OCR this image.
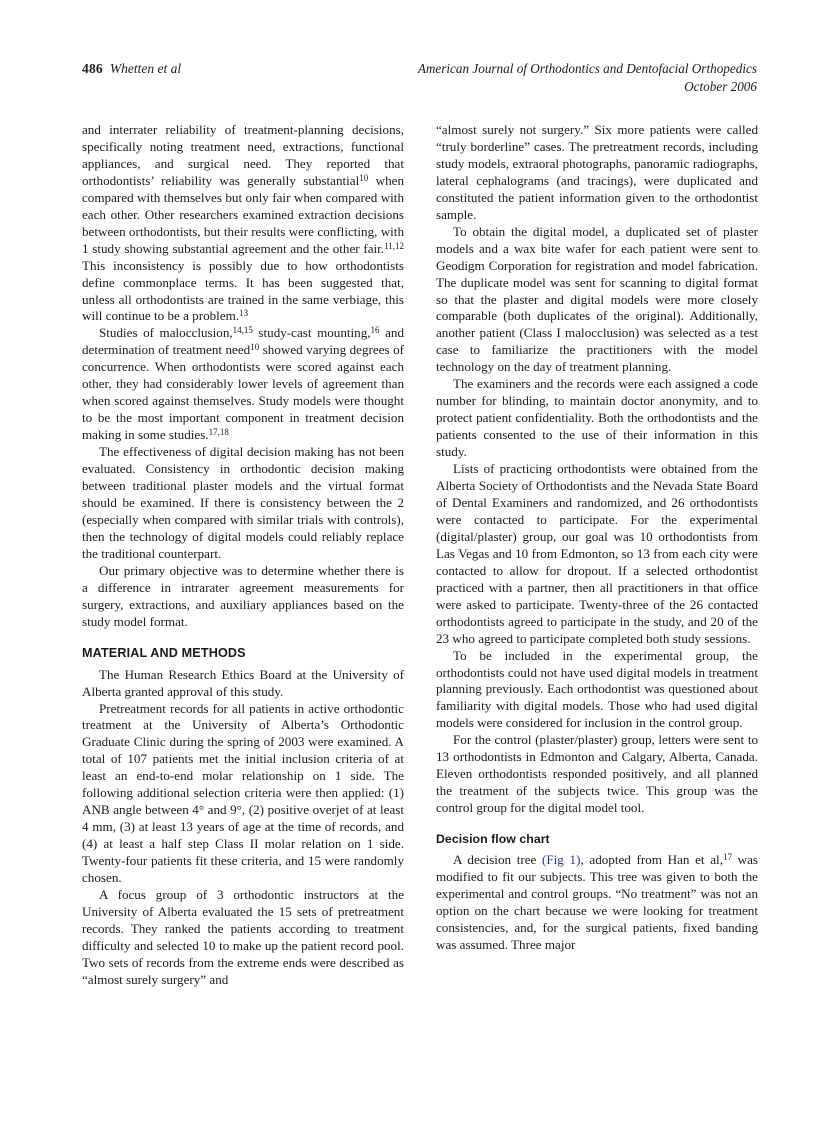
486 Whetten et al	American Journal of Orthodontics and Dentofacial Orthopedics
October 2006

and interrater reliability of treatment-planning decisions, specifically noting treatment need, extractions, functional appliances, and surgical need. They reported that orthodontists’ reliability was generally substantial$^{10}$ when compared with themselves but only fair when compared with each other. Other researchers examined extraction decisions between orthodontists, but their results were conflicting, with 1 study showing substantial agreement and the other fair.$^{11,12}$ This inconsistency is possibly due to how orthodontists define commonplace terms. It has been suggested that, unless all orthodontists are trained in the same verbiage, this will continue to be a problem.$^{13}$

Studies of malocclusion,$^{14,15}$ study-cast mounting,$^{16}$ and determination of treatment need$^{10}$ showed varying degrees of concurrence. When orthodontists were scored against each other, they had considerably lower levels of agreement than when scored against themselves. Study models were thought to be the most important component in treatment decision making in some studies.$^{17,18}$

The effectiveness of digital decision making has not been evaluated. Consistency in orthodontic decision making between traditional plaster models and the virtual format should be examined. If there is consistency between the 2 (especially when compared with similar trials with controls), then the technology of digital models could reliably replace the traditional counterpart.

Our primary objective was to determine whether there is a difference in intrarater agreement measurements for surgery, extractions, and auxiliary appliances based on the study model format.

MATERIAL AND METHODS

The Human Research Ethics Board at the University of Alberta granted approval of this study.

Pretreatment records for all patients in active orthodontic treatment at the University of Alberta’s Orthodontic Graduate Clinic during the spring of 2003 were examined. A total of 107 patients met the initial inclusion criteria of at least an end-to-end molar relationship on 1 side. The following additional selection criteria were then applied: (1) ANB angle between 4° and 9°, (2) positive overjet of at least 4 mm, (3) at least 13 years of age at the time of records, and (4) at least a half step Class II molar relation on 1 side. Twenty-four patients fit these criteria, and 15 were randomly chosen.

A focus group of 3 orthodontic instructors at the University of Alberta evaluated the 15 sets of pretreatment records. They ranked the patients according to treatment difficulty and selected 10 to make up the patient record pool. Two sets of records from the extreme ends were described as “almost surely surgery” and

“almost surely not surgery.” Six more patients were called “truly borderline” cases. The pretreatment records, including study models, extraoral photographs, panoramic radiographs, lateral cephalograms (and tracings), were duplicated and constituted the patient information given to the orthodontist sample.

To obtain the digital model, a duplicated set of plaster models and a wax bite wafer for each patient were sent to Geodigm Corporation for registration and model fabrication. The duplicate model was sent for scanning to digital format so that the plaster and digital models were more closely comparable (both duplicates of the original). Additionally, another patient (Class I malocclusion) was selected as a test case to familiarize the practitioners with the model technology on the day of treatment planning.

The examiners and the records were each assigned a code number for blinding, to maintain doctor anonymity, and to protect patient confidentiality. Both the orthodontists and the patients consented to the use of their information in this study.

Lists of practicing orthodontists were obtained from the Alberta Society of Orthodontists and the Nevada State Board of Dental Examiners and randomized, and 26 orthodontists were contacted to participate. For the experimental (digital/plaster) group, our goal was 10 orthodontists from Las Vegas and 10 from Edmonton, so 13 from each city were contacted to allow for dropout. If a selected orthodontist practiced with a partner, then all practitioners in that office were asked to participate. Twenty-three of the 26 contacted orthodontists agreed to participate in the study, and 20 of the 23 who agreed to participate completed both study sessions.

To be included in the experimental group, the orthodontists could not have used digital models in treatment planning previously. Each orthodontist was questioned about familiarity with digital models. Those who had used digital models were considered for inclusion in the control group.

For the control (plaster/plaster) group, letters were sent to 13 orthodontists in Edmonton and Calgary, Alberta, Canada. Eleven orthodontists responded positively, and all planned the treatment of the subjects twice. This group was the control group for the digital model tool.

Decision flow chart

A decision tree (Fig 1), adopted from Han et al,$^{17}$ was modified to fit our subjects. This tree was given to both the experimental and control groups. “No treatment” was not an option on the chart because we were looking for treatment consistencies, and, for the surgical patients, fixed banding was assumed. Three major
